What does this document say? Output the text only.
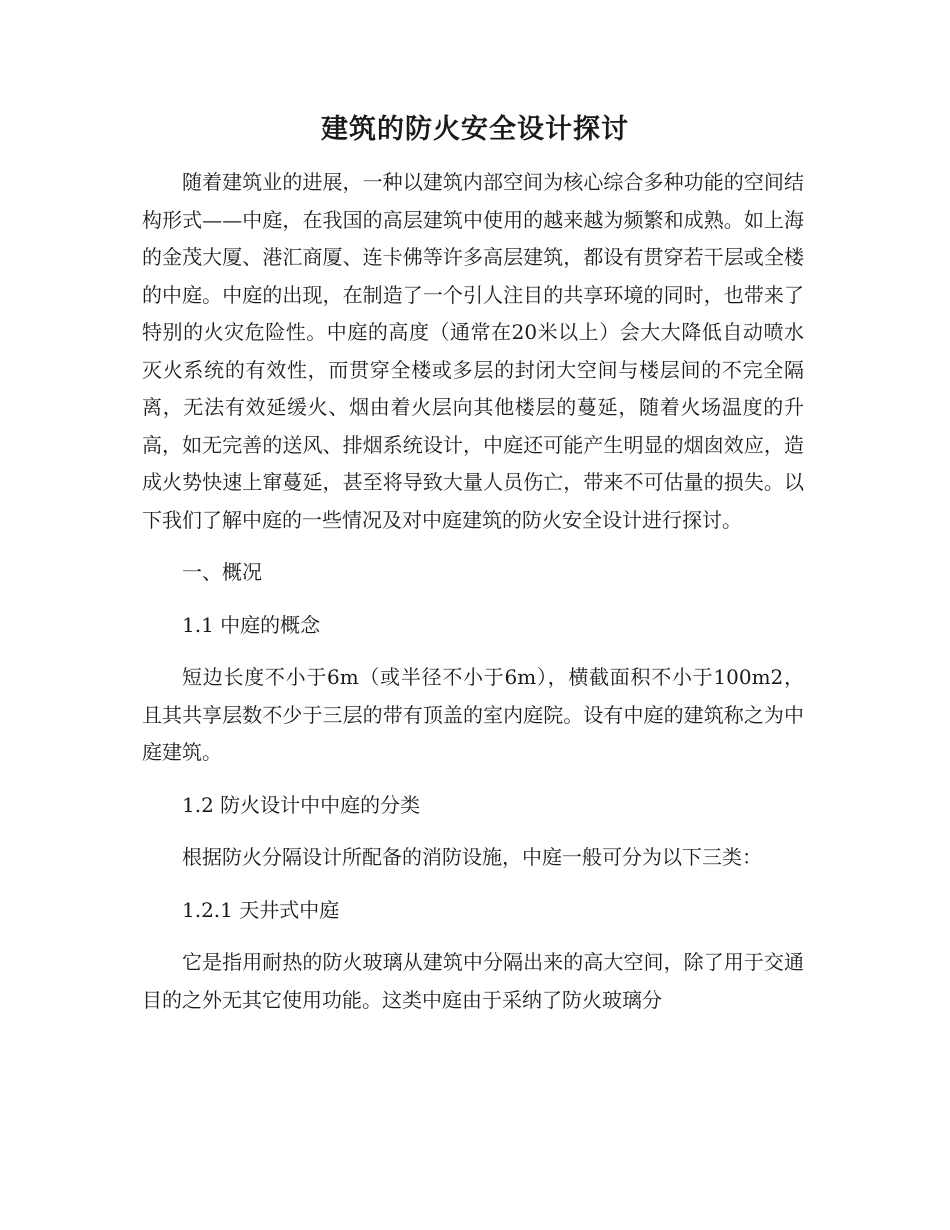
建筑的防火安全设计探讨

随着建筑业的进展，一种以建筑内部空间为核心综合多种功能的空间结构形式——中庭，在我国的高层建筑中使用的越来越为频繁和成熟。如上海的金茂大厦、港汇商厦、连卡佛等许多高层建筑，都设有贯穿若干层或全楼的中庭。中庭的出现，在制造了一个引人注目的共享环境的同时，也带来了特别的火灾危险性。中庭的高度（通常在20米以上）会大大降低自动喷水灭火系统的有效性，而贯穿全楼或多层的封闭大空间与楼层间的不完全隔离，无法有效延缓火、烟由着火层向其他楼层的蔓延，随着火场温度的升高，如无完善的送风、排烟系统设计，中庭还可能产生明显的烟囱效应，造成火势快速上窜蔓延，甚至将导致大量人员伤亡，带来不可估量的损失。以下我们了解中庭的一些情况及对中庭建筑的防火安全设计进行探讨。

一、概况

1.1 中庭的概念

短边长度不小于6m（或半径不小于6m），横截面积不小于100m2，且其共享层数不少于三层的带有顶盖的室内庭院。设有中庭的建筑称之为中庭建筑。

1.2 防火设计中中庭的分类

根据防火分隔设计所配备的消防设施，中庭一般可分为以下三类：

1.2.1 天井式中庭

它是指用耐热的防火玻璃从建筑中分隔出来的高大空间，除了用于交通目的之外无其它使用功能。这类中庭由于采纳了防火玻璃分
